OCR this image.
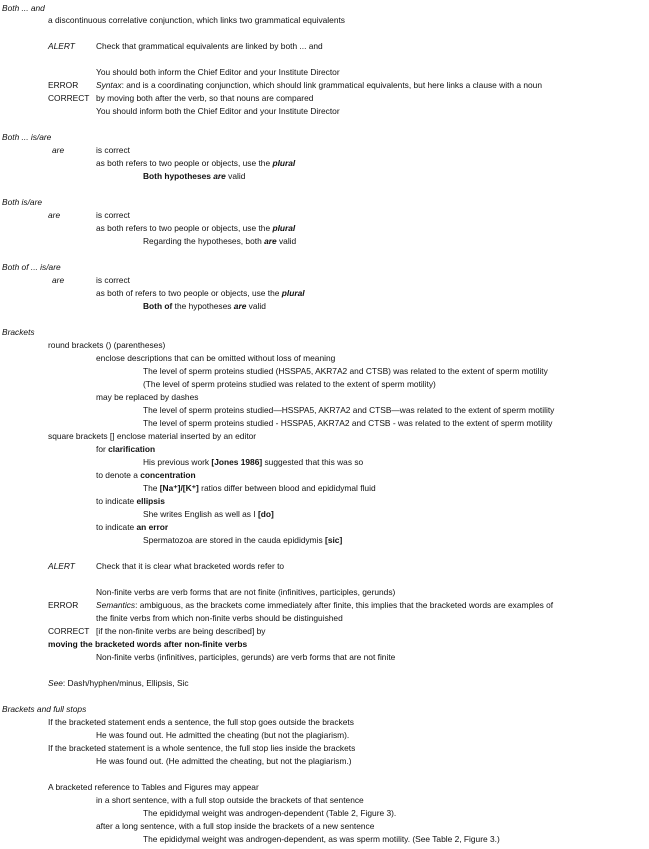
Both ... and
a discontinuous correlative conjunction, which links two grammatical equivalents
ALERT	Check that grammatical equivalents are linked by both ... and
You should both inform the Chief Editor and your Institute Director
ERROR Syntax: and is a coordinating conjunction, which should link grammatical equivalents, but here links a clause with a noun
CORRECT by moving both after the verb, so that nouns are compared
You should inform both the Chief Editor and your Institute Director
Both ... is/are
are	is correct
as both refers to two people or objects, use the plural
Both hypotheses are valid
Both is/are
are	is correct
as both refers to two people or objects, use the plural
Regarding the hypotheses, both are valid
Both of ... is/are
are	is correct
as both of refers to two people or objects, use the plural
Both of the hypotheses are valid
Brackets
round brackets () (parentheses)
enclose descriptions that can be omitted without loss of meaning
The level of sperm proteins studied (HSSPA5, AKR7A2 and CTSB) was related to the extent of sperm motility
(The level of sperm proteins studied was related to the extent of sperm motility)
may be replaced by dashes
The level of sperm proteins studied—HSSPA5, AKR7A2 and CTSB—was related to the extent of sperm motility
The level of sperm proteins studied - HSSPA5, AKR7A2 and CTSB - was related to the extent of sperm motility
square brackets [] enclose material inserted by an editor
for clarification
His previous work [Jones 1986] suggested that this was so
to denote a concentration
The [Na⁺]/[K⁺] ratios differ between blood and epididymal fluid
to indicate ellipsis
She writes English as well as I [do]
to indicate an error
Spermatozoa are stored in the cauda epididymis [sic]
ALERT	Check that it is clear what bracketed words refer to
Non-finite verbs are verb forms that are not finite (infinitives, participles, gerunds)
ERROR Semantics: ambiguous, as the brackets come immediately after finite, this implies that the bracketed words are examples of
the finite verbs from which non-finite verbs should be distinguished
CORRECT [if the non-finite verbs are being described] by
moving the bracketed words after non-finite verbs
Non-finite verbs (infinitives, participles, gerunds) are verb forms that are not finite
See: Dash/hyphen/minus, Ellipsis, Sic
Brackets and full stops
If the bracketed statement ends a sentence, the full stop goes outside the brackets
He was found out. He admitted the cheating (but not the plagiarism).
If the bracketed statement is a whole sentence, the full stop lies inside the brackets
He was found out. (He admitted the cheating, but not the plagiarism.)
A bracketed reference to Tables and Figures may appear
in a short sentence, with a full stop outside the brackets of that sentence
The epididymal weight was androgen-dependent (Table 2, Figure 3).
after a long sentence, with a full stop inside the brackets of a new sentence
The epididymal weight was androgen-dependent, as was sperm motility. (See Table 2, Figure 3.)
